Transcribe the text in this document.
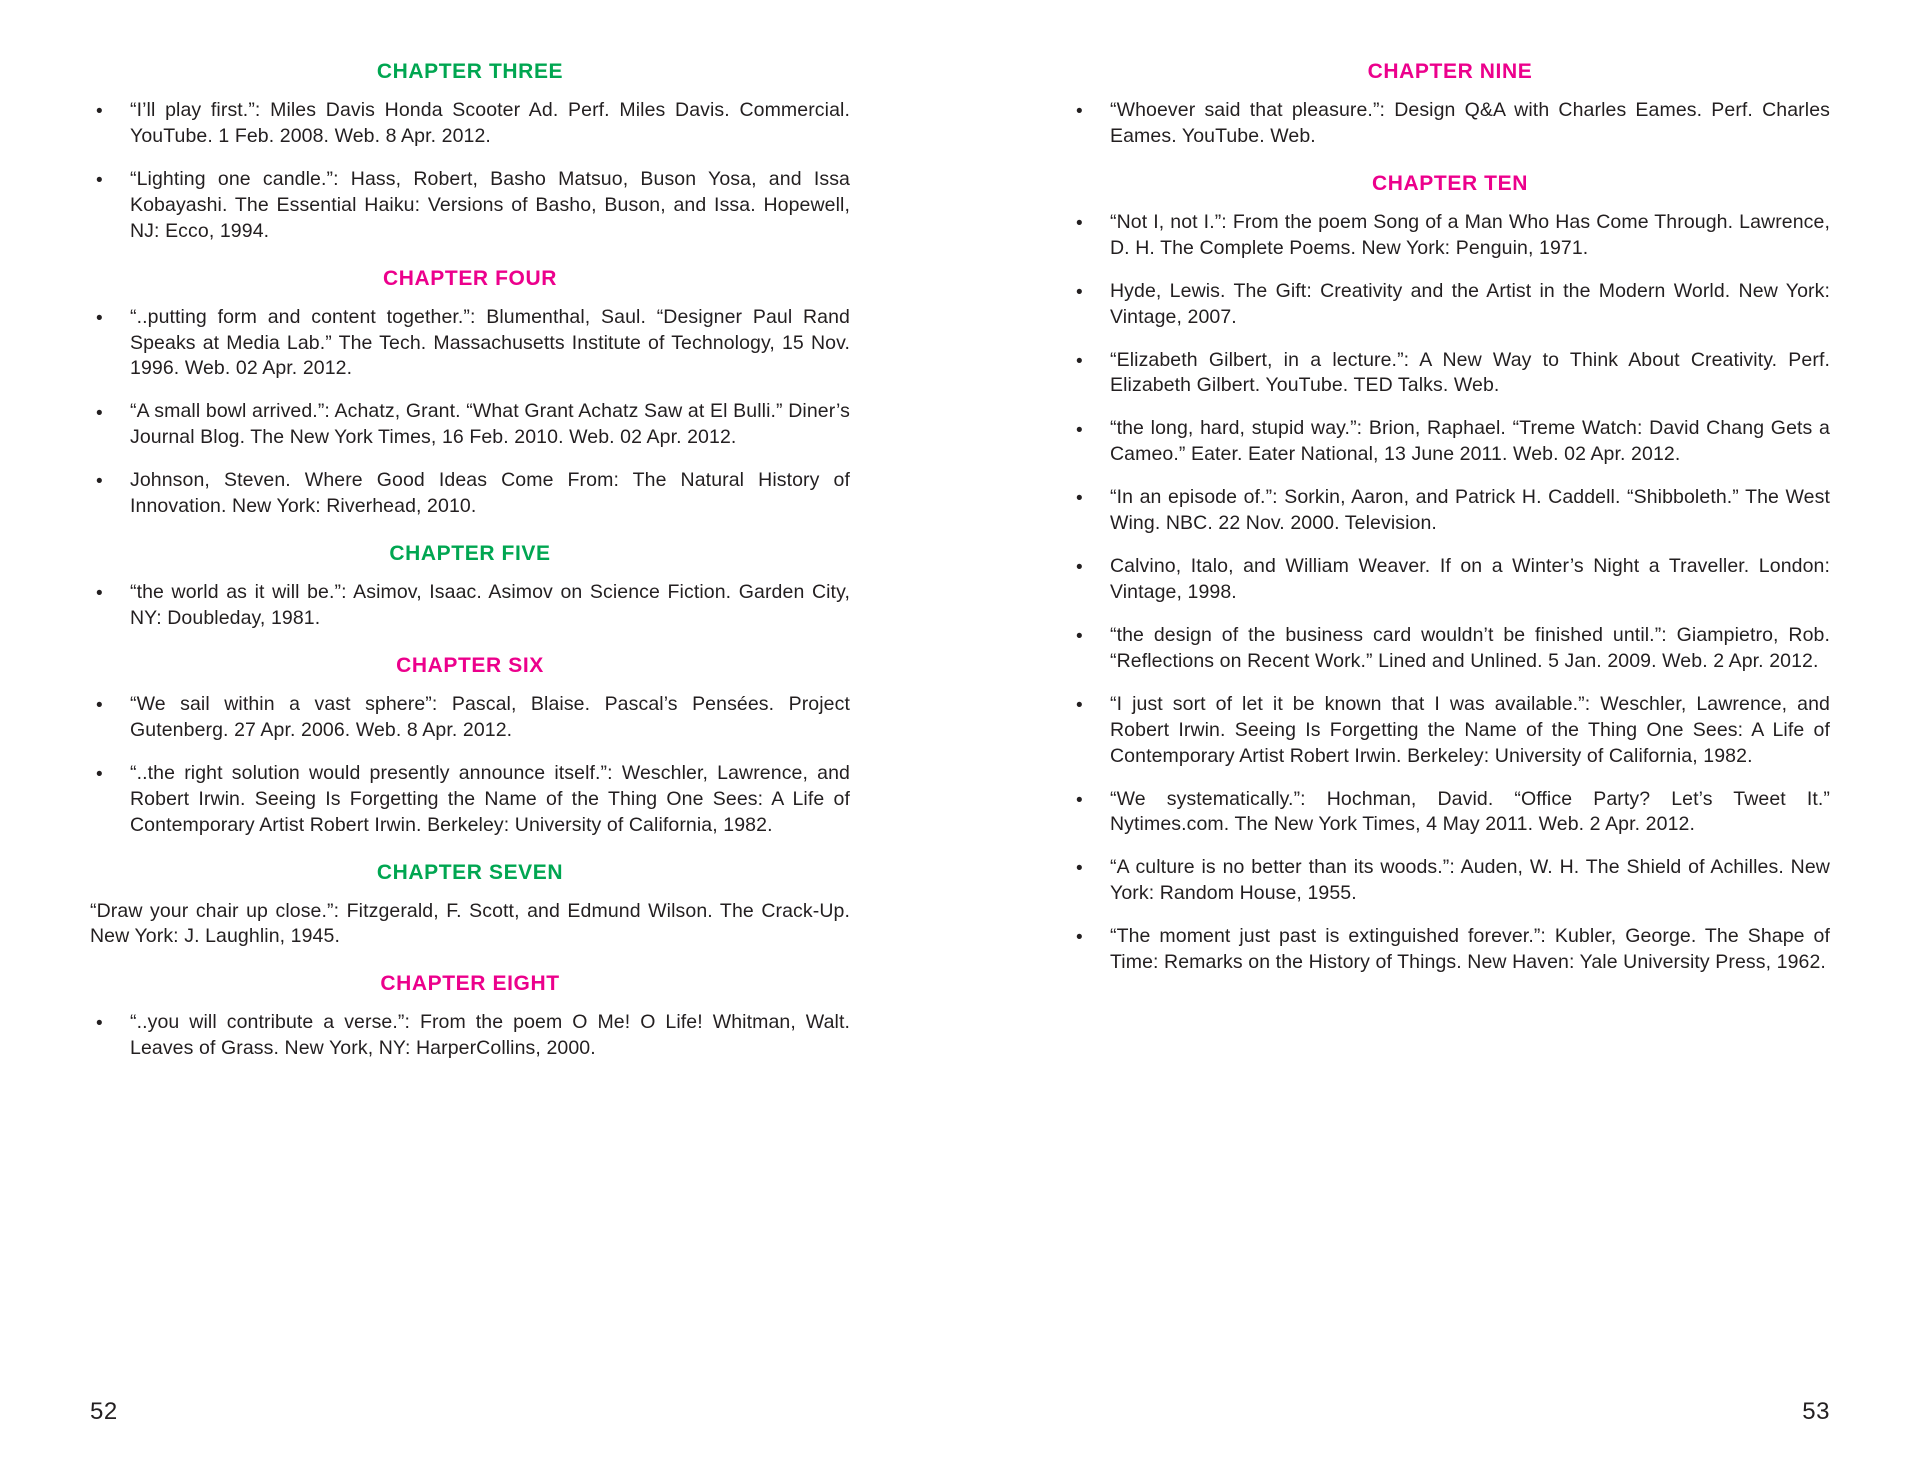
CHAPTER THREE
• “I’ll play first.”: Miles Davis Honda Scooter Ad. Perf. Miles Davis. Commercial. YouTube. 1 Feb. 2008. Web. 8 Apr. 2012.
• “Lighting one candle.”: Hass, Robert, Basho Matsuo, Buson Yosa, and Issa Kobayashi. The Essential Haiku: Versions of Basho, Buson, and Issa. Hopewell, NJ: Ecco, 1994.
CHAPTER FOUR
• “..putting form and content together.”: Blumenthal, Saul. “Designer Paul Rand Speaks at Media Lab.” The Tech. Massachusetts Institute of Technology, 15 Nov. 1996. Web. 02 Apr. 2012.
• “A small bowl arrived.”: Achatz, Grant. “What Grant Achatz Saw at El Bulli.” Diner’s Journal Blog. The New York Times, 16 Feb. 2010. Web. 02 Apr. 2012.
• Johnson, Steven. Where Good Ideas Come From: The Natural History of Innovation. New York: Riverhead, 2010.
CHAPTER FIVE
• “the world as it will be.”: Asimov, Isaac. Asimov on Science Fiction. Garden City, NY: Doubleday, 1981.
CHAPTER SIX
• “We sail within a vast sphere”: Pascal, Blaise. Pascal’s Pensées. Project Gutenberg. 27 Apr. 2006. Web. 8 Apr. 2012.
• “..the right solution would presently announce itself.”: Weschler, Lawrence, and Robert Irwin. Seeing Is Forgetting the Name of the Thing One Sees: A Life of Contemporary Artist Robert Irwin. Berkeley: University of California, 1982.
CHAPTER SEVEN
“Draw your chair up close.”: Fitzgerald, F. Scott, and Edmund Wilson. The Crack-Up. New York: J. Laughlin, 1945.
CHAPTER EIGHT
• “..you will contribute a verse.”: From the poem O Me! O Life! Whitman, Walt. Leaves of Grass. New York, NY: HarperCollins, 2000.
52
CHAPTER NINE
• “Whoever said that pleasure.”: Design Q&A with Charles Eames. Perf. Charles Eames. YouTube. Web.
CHAPTER TEN
• “Not I, not I.”: From the poem Song of a Man Who Has Come Through. Lawrence, D. H. The Complete Poems. New York: Penguin, 1971.
• Hyde, Lewis. The Gift: Creativity and the Artist in the Modern World. New York: Vintage, 2007.
• “Elizabeth Gilbert, in a lecture.”: A New Way to Think About Creativity. Perf. Elizabeth Gilbert. YouTube. TED Talks. Web.
• “the long, hard, stupid way.”: Brion, Raphael. “Treme Watch: David Chang Gets a Cameo.” Eater. Eater National, 13 June 2011. Web. 02 Apr. 2012.
• “In an episode of.”: Sorkin, Aaron, and Patrick H. Caddell. “Shibboleth.” The West Wing. NBC. 22 Nov. 2000. Television.
• Calvino, Italo, and William Weaver. If on a Winter’s Night a Traveller. London: Vintage, 1998.
• “the design of the business card wouldn’t be finished until.”: Giampietro, Rob. “Reflections on Recent Work.” Lined and Unlined. 5 Jan. 2009. Web. 2 Apr. 2012.
• “I just sort of let it be known that I was available.”: Weschler, Lawrence, and Robert Irwin. Seeing Is Forgetting the Name of the Thing One Sees: A Life of Contemporary Artist Robert Irwin. Berkeley: University of California, 1982.
• “We systematically.”: Hochman, David. “Office Party? Let’s Tweet It.” Nytimes.com. The New York Times, 4 May 2011. Web. 2 Apr. 2012.
• “A culture is no better than its woods.”: Auden, W. H. The Shield of Achilles. New York: Random House, 1955.
• “The moment just past is extinguished forever.”: Kubler, George. The Shape of Time: Remarks on the History of Things. New Haven: Yale University Press, 1962.
53
